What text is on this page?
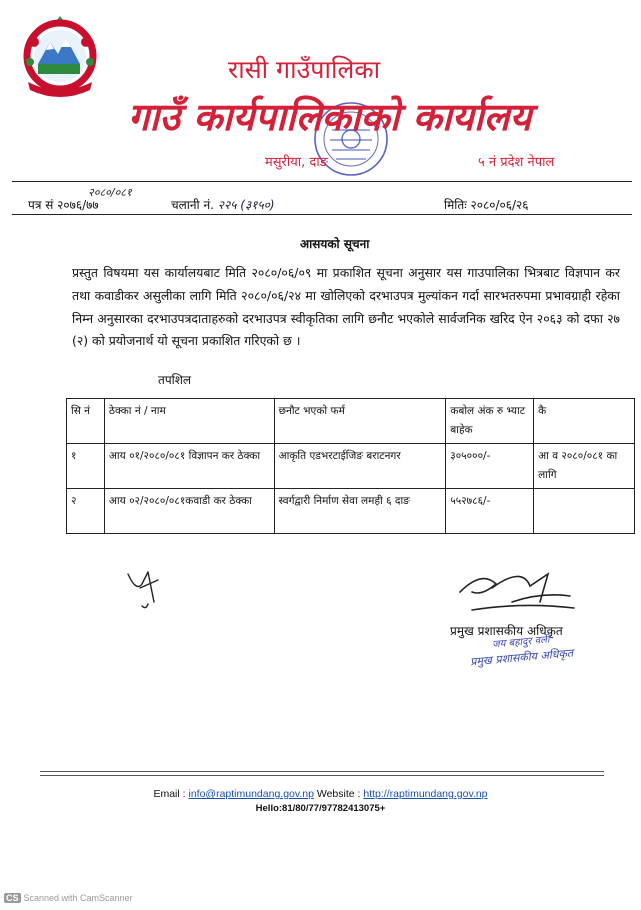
रासी गाउँपालिका
गाउँ कार्यपालिकाको कार्यालय
मसुरीया, दाङ	५ नं प्रदेश नेपाल
२०८०/०८१
पत्र सं २०७६/७७	चलानी नं. २२५ (३१५०)	मितिः २०८०/०६/२६
आसयको सूचना

प्रस्तुत विषयमा यस कार्यालयबाट मिति २०८०/०६/०९ मा प्रकाशित सूचना अनुसार यस गाउपालिका भित्रबाट विज्ञपान कर तथा कवाडीकर असुलीका लागि मिति २०८०/०६/२४ मा खोलिएको दरभाउपत्र मुल्यांकन गर्दा सारभतरुपमा प्रभावग्राही रहेका निम्न अनुसारका दरभाउपत्रदाताहरुको दरभाउपत्र स्वीकृतिका लागि छनौट भएकोले सार्वजनिक खरिद ऐन २०६३ को दफा २७ (२) को प्रयोजनार्थ यो सूचना प्रकाशित गरिएको छ ।

तपशिल
सि नं	ठेक्का नं / नाम	छनौट भएको फर्म	कबोल अंक रु भ्याट बाहेक	कै
१	आय ०१/२०८०/०८१ विज्ञापन कर ठेक्का	आकृति एडभरटाईजिङ बराटनगर	३०५०००/-	आ व २०८०/०८१ का लागि
२	आय ०२/२०८०/०८१कवाडी कर ठेक्का	स्वर्गद्वारी निर्माण सेवा लमही ६ दाङ	५५२७८६/-	
प्रमुख प्रशासकीय अधिकृत
जय बहादुर वली
प्रमुख प्रशासकीय अधिकृत
Email : info@raptimundang.gov.np Website : http://raptimundang.gov.np
Hello:81/80/77/97782413075+
CS Scanned with CamScanner
